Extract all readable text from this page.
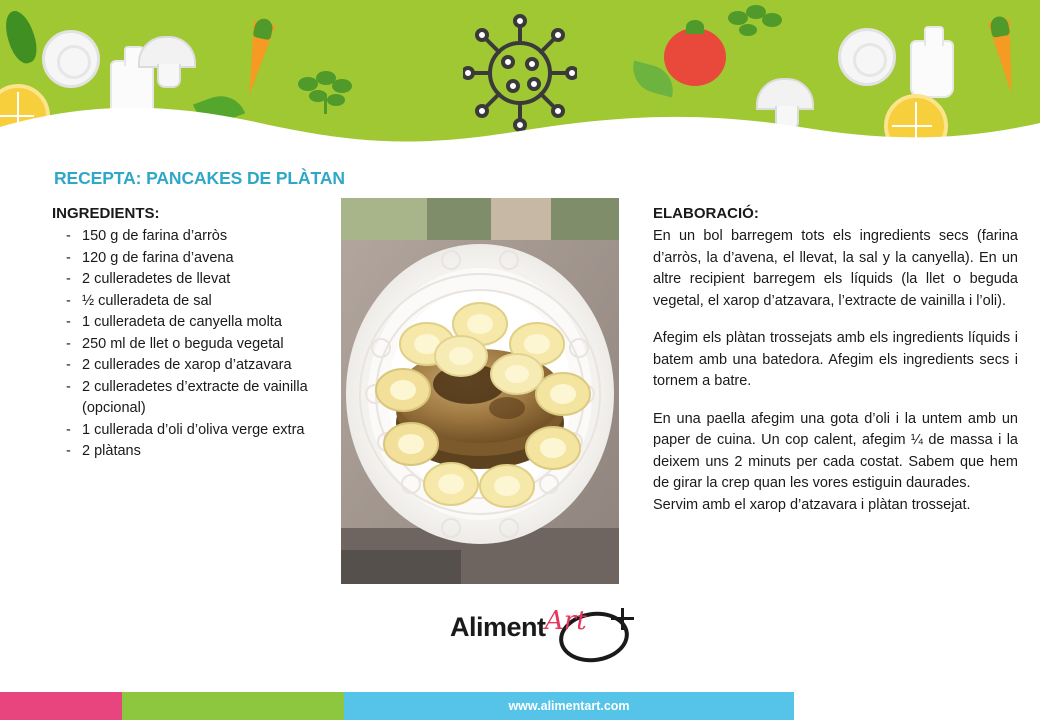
RECEPTA: PANCAKES DE PLÀTAN
INGREDIENTS:
- 150 g de farina d’arròs
- 120 g de farina d’avena
- 2 culleradetes de llevat
- ½ culleradeta de sal
- 1 culleradeta de canyella molta
- 250 ml de llet o beguda vegetal
- 2 cullerades de xarop d’atzavara
- 2 culleradetes d’extracte de vainilla (opcional)
- 1 cullerada d’oli d’oliva verge extra
- 2 plàtans
Aliment Art
ELABORACIÓ:

En un bol barregem tots els ingredients secs (farina d’arròs, la d’avena, el llevat, la sal y la canyella). En un altre recipient barregem els líquids (la llet o beguda vegetal, el xarop d’atzavara, l’extracte de vainilla i l’oli).

Afegim els plàtan trossejats amb els ingredients líquids i batem amb una batedora. Afegim els ingredients secs i tornem a batre.

En una paella afegim una gota d’oli i la untem amb un paper de cuina. Un cop calent, afegim ¼ de massa i la deixem uns 2 minuts per cada costat. Sabem que hem de girar la crep quan les vores estiguin daurades.

Servim amb el xarop d’atzavara i plàtan trossejat.

www.alimentart.com
